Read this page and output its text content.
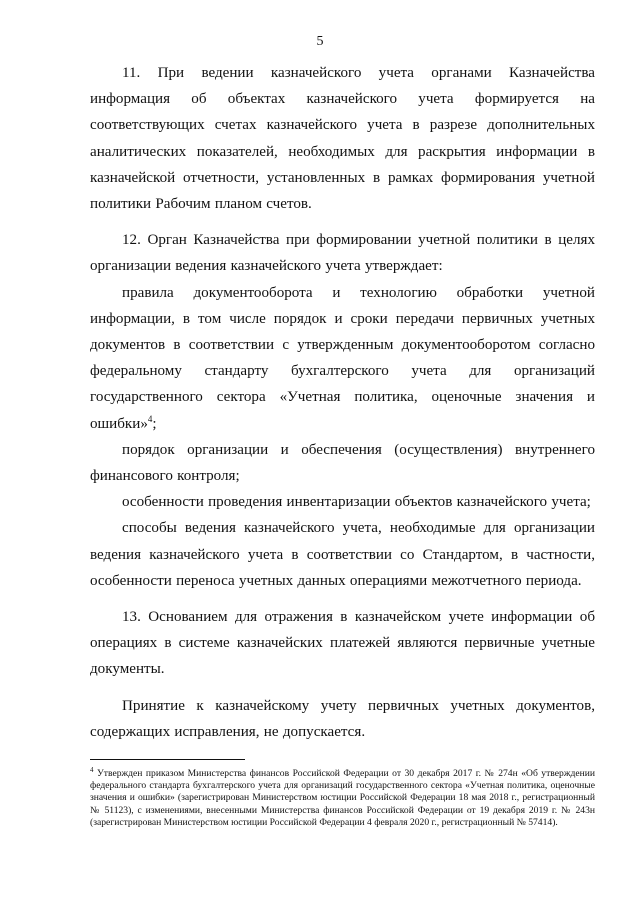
5

11. При ведении казначейского учета органами Казначейства информация об объектах казначейского учета формируется на соответствующих счетах казначейского учета в разрезе дополнительных аналитических показателей, необходимых для раскрытия информации в казначейской отчетности, установленных в рамках формирования учетной политики Рабочим планом счетов.

12. Орган Казначейства при формировании учетной политики в целях организации ведения казначейского учета утверждает:

правила документооборота и технологию обработки учетной информации, в том числе порядок и сроки передачи первичных учетных документов в соответствии с утвержденным документооборотом согласно федеральному стандарту бухгалтерского учета для организаций государственного сектора «Учетная политика, оценочные значения и ошибки»$^4$;

порядок организации и обеспечения (осуществления) внутреннего финансового контроля;

особенности проведения инвентаризации объектов казначейского учета;

способы ведения казначейского учета, необходимые для организации ведения казначейского учета в соответствии со Стандартом, в частности, особенности переноса учетных данных операциями межотчетного периода.

13. Основанием для отражения в казначейском учете информации об операциях в системе казначейских платежей являются первичные учетные документы.

Принятие к казначейскому учету первичных учетных документов, содержащих исправления, не допускается.

$^4$ Утвержден приказом Министерства финансов Российской Федерации от 30 декабря 2017 г. № 274н «Об утверждении федерального стандарта бухгалтерского учета для организаций государственного сектора «Учетная политика, оценочные значения и ошибки» (зарегистрирован Министерством юстиции Российской Федерации 18 мая 2018 г., регистрационный № 51123), с изменениями, внесенными Министерства финансов Российской Федерации от 19 декабря 2019 г. № 243н (зарегистрирован Министерством юстиции Российской Федерации 4 февраля 2020 г., регистрационный № 57414).
